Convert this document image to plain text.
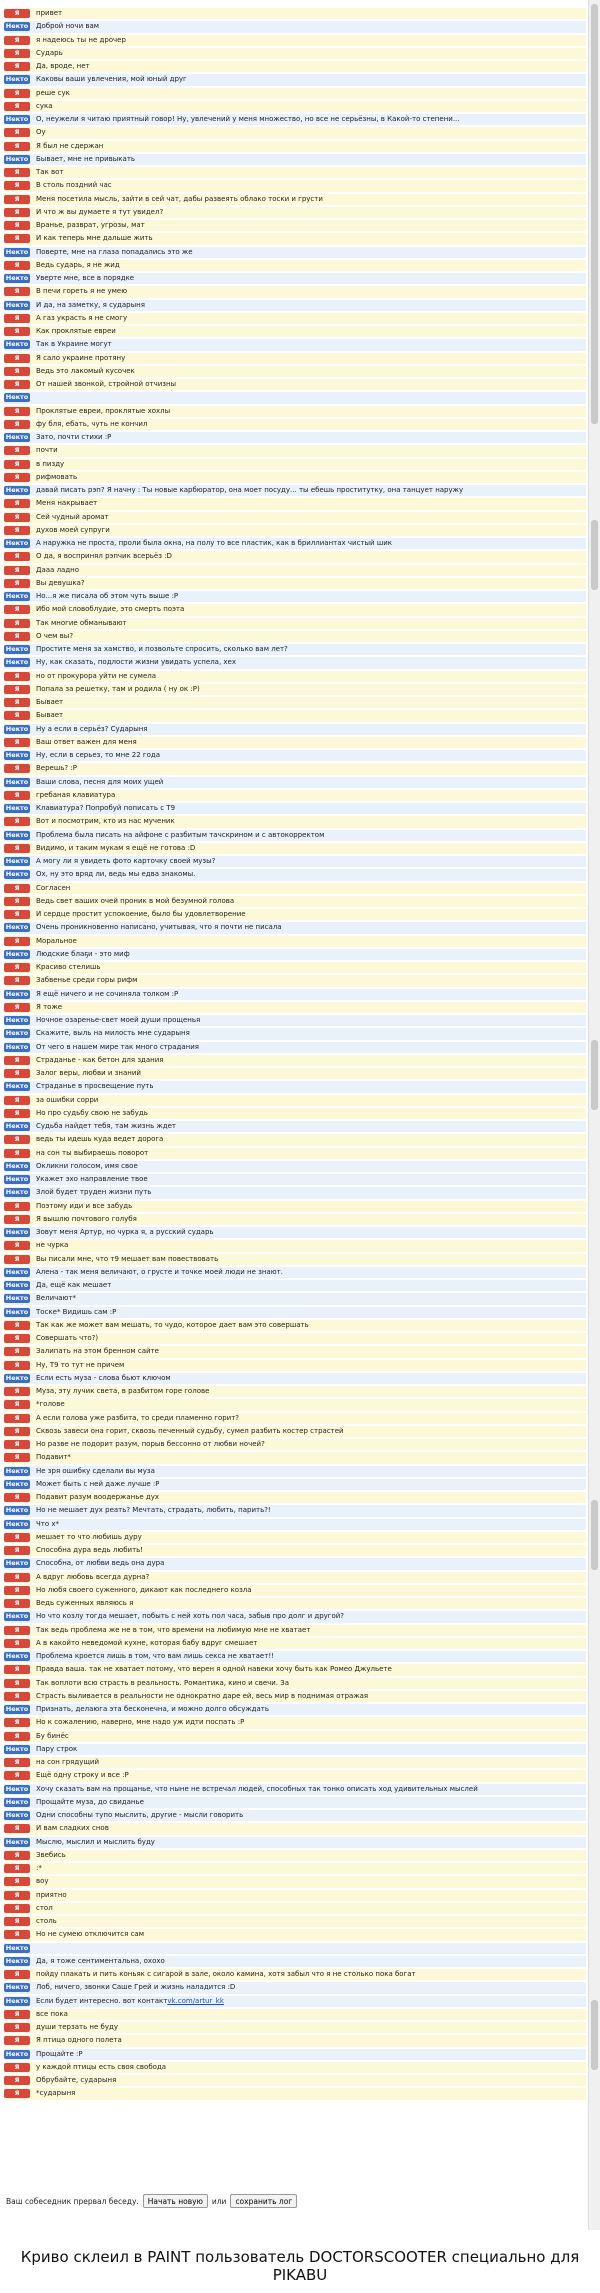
Я	привет
Некто Доброй ночи вам
Я	я надеюсь ты не дрочер
Я	Сударь
Я	Да, вроде, нет
Некто Каковы ваши увлечения, мой юный друг
Я	реше сук
Я	сука
Некто О, неужели я читаю приятный говор! Ну, увлечений у меня множество, но все не серьёзны, в Какой-то степени...
Я	Оу
Я	Я был не сдержан
Некто Бывает, мне не привыкать
Я	Так вот
Я	В столь поздний час
Я	Меня посетила мысль, зайти в сей чат, дабы развеять облако тоски и грусти
Я	И что ж вы думаете я тут увидел?
Я	Вранье, разврат, угрозы, мат
Я	И как теперь мне дальше жить
Некто Поверте, мне на глаза попадались это же
Я	Ведь сударь, я не жид
Некто Уверте мне, все в порядке
Я	В печи гореть я не умею
Некто И да, на заметку, я сударыня
Я	А газ украсть я не смогу
Я	Как проклятые евреи
Некто Так в Украине могут
Я	Я сало украине протяну
Я	Ведь это лакомый кусочек
Я	От нашей звонкой, стройной отчизны
Некто
Я	Проклятые евреи, проклятые хохлы
Я	фу бля, ебать, чуть не кончил
Некто Зато, почти стихи :Р
Я	почти
Я	в пизду
Я	рифмовать
Некто давай писать рэп? Я начну : Ты новые карбюратор, она моет посуду... ты ебешь проститутку, она танцует наружу
Я	Меня накрывает
Я	Сей чудный аромат
Я	духов моей супруги
Некто А наружка не проста, проли была окна, на полу то все пластик, как в бриллиантах чистый шик
Я	О да, я воспринял рэпчик всерьёз :D
Я	Дааа ладно
Я	Вы девушка?
Некто Но...я же писала об этом чуть выше :Р
Я	Ибо мой словоблудие, это смерть поэта
Я	Так многие обманывают
Я	О чем вы?
Некто Простите меня за хамство, и позвольте спросить, сколько вам лет?
Некто Ну, как сказать, подлости жизни увидать успела, хех
Я	но от прокурора уйти не сумела
Я	Попала за решетку, там и родила ( ну ок :Р)
Я	Бывает
Я	Бывает
Некто Ну а если в серьёз? Сударыня
Я	Ваш ответ важен для меня
Некто Ну, если в серьез, то мне 22 года
Я	Верешь? :Р
Некто Ваши слова, песня для моих ущей
Я	гребаная клавиатура
Некто Клавиатура? Попробуй попиcать с Т9
Я	Вот и посмотрим, кто из нас мученик
Некто Проблема была писать на айфоне с разбитым тачскрином и с автокорректом
Я	Видимо, и таким мукам я ещё не готова :D
Некто А могу ли я увидеть фото карточку своей музы?
Некто Ох, ну это вряд ли, ведь мы едва знакомы.
Я	Согласен
Я	Ведь свет ваших очей проник в мой безумной голова
Я	И сердце простит успокоение, было бы удовлетворение
Некто Очень проникновенно написано, учитывая, что я почти не писала
Я	Моральное
Некто Людские блаҕи - это миф
Я	Красиво стелишь
Я	Забвенье среди горы рифм
Некто Я ещё ничего и не сочиняла толком :Р
Я	Я тоже
Некто Ночное озаренье-свет моей души прощенья
Некто Скажите, выль на милость мне сударыня
Некто От чего в нашем мире так много страдания
Я	Страданье - как бетон для здания
Я	Залог веры, любви и знаний
Некто Страданье в просвещение путь
Я	за ошибки сорри
Я	Но про судьбу свою не забудь
Некто Судьба найдет тебя, там жизнь ждет
Я	ведь ты идешь куда ведет дорога
Я	на сон ты выбираешь поворот
Некто Окликни голосом, имя свое
Некто Укажет эхо направление твое
Некто Злой будет труден жизни путь
Я	Поэтому иди и все забудь
Я	Я вышлю почтового голубя
Некто Зовут меня Артур, но чурка я, а русский сударь
Я	не чурка
Я	Вы писали мне, что т9 мешает вам повествовать
Некто Алена - так меня величают, о грусте и точке моей люди не знают.
Некто Да, ещё как мешает
Некто Величают*
Некто Тоске* Видишь сам :Р
Я	Так как же может вам мешать, то чудо, которое дает вам это совершать
Я	Совершать что?)
Я	Залипать на этом бренном сайте
Я	Ну, Т9 то тут не причем
Некто Если есть муза - слова бьют ключом
Я	Муза, эту лучик света, в разбитом горе голове
Я	*голове
Я	А если голова уже разбита, то среди пламенно горит?
Я	Сквозь завеси она горит, сквозь печенный судьбу, сумел разбить костер страстей
Я	Но разве не подорит разум, порыв бессонно от любви ночей?
Я	Подавит*
Некто Не зря ошибку сделали вы муза
Некто Может быть с ней даже лучше :Р
Я	Подавит разум воодержанье дух
Некто Но не мешает дух реать? Мечтать, страдать, любить, парить?!
Некто Что х*
Я	мешает то что любишь дуру
Я	Способна дура ведь любить!
Некто Способна, от любви ведь она дура
Я	А вдруг любовь всегда дурна?
Я	Но любя своего суженного, дикают как последнего козла
Я	Ведь суженных являюсь я
Некто Но что козлу тогда мешает, побыть с ней хоть пол часа, забыв про долг и другой?
Я	Так ведь проблема же не в том, что времени на любимую мне не хватает
Я	А в какойто неведомой кухне, которая бабу вдруг смешает
Некто Проблема кроется лишь в том, что вам лишь секса не хватает!!
Я	Правда ваша. так не хватает потому, что верен я одной навеки хочу быть как Ромео Джульете
Я	Так воплоти всю страсть в реальность. Романтика, кино и свечи. За
Я	Страсть выливается в реальности не однократно даре ей, весь мир в поднимая отражая
Некто Признать, делаюга эта бесконечна, и можно долго обсуждать
Я	Но к сожалению, наверно, мне надо уж идти поспать :Р
Я	Бу бинёс
Некто Пару строк
Я	на сон грядущий
Я	Ещё одну строку и все :Р
Некто Хочу сказать вам на прощанье, что ныне не встречал людей, способных так тонко описать ход удивительных мыслей
Некто Прощайте муза, до свиданье
Некто Одни способны тупо мыслить, другие - мысли говорить
Я	И вам сладких снов
Некто Мыслю, мыслил и мыслить буду
Я	Звебись
Я	:*
Я	воу
Я	приятно
Я	стол
Я	столь
Я	Но не сумею отключится сам
Некто
Некто Да, я тоже сентиментальна, охохо
Я	пойду плакать и пить коньяк с сигарой в зале, около камина, хотя забыл что я не столько пока богат
Некто Лоб, ничего, звонки Саше Грей и жизнь наладится :D
Некто Если будет интересно. вот контакт vk.com/artur_kk
Я	все пока
Я	души терзать не буду
Я	Я птица одного полета
Некто Прощайте :Р
Я	у каждой птицы есть своя свобода
Я	Обрубайте, сударыня
Я	*сударыня
Ваш собеседник прервал беседу.	Начать новую	или	сохранить лог
Криво склеил в PAINT пользователь DOCTORSCOOTER специально для PIKABU
